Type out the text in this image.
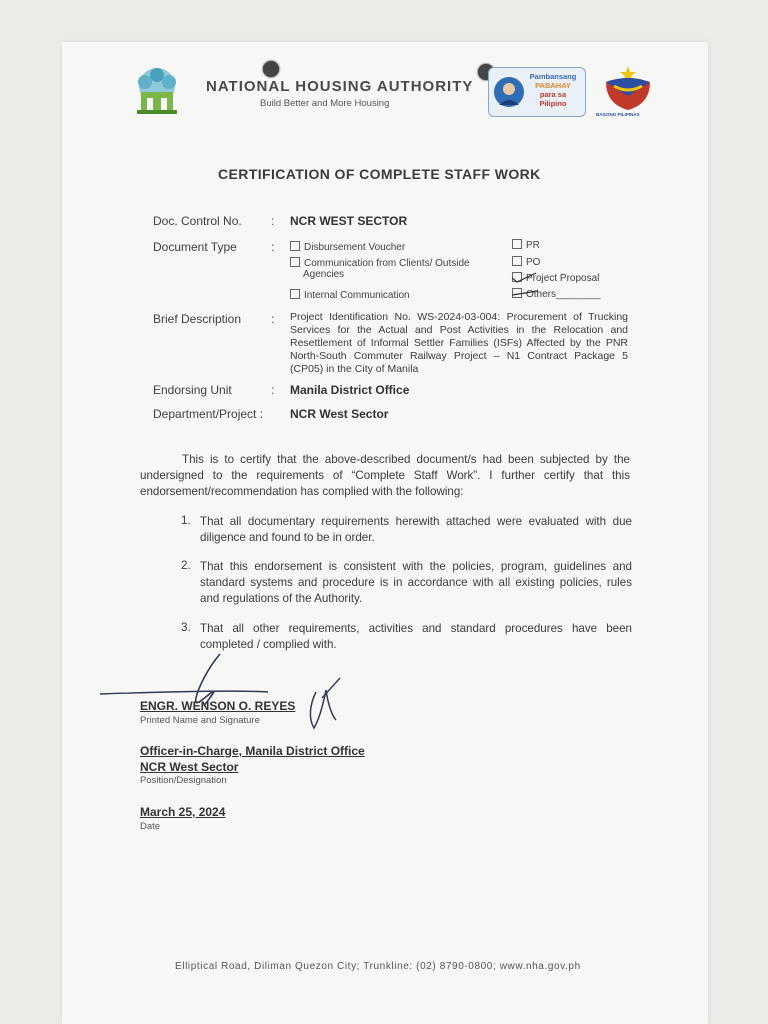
NATIONAL HOUSING AUTHORITY
Build Better and More Housing
Pambansang
PABAHAY
para sa
Pilipino
BAGONG PILIPINAS
CERTIFICATION OF COMPLETE STAFF WORK
Doc. Control No. : NCR WEST SECTOR
Document Type	:	Disbursement Voucher
Communication from Clients/ Outside
Agencies
Internal Communication
PR
PO
Project Proposal
Others________
Brief Description : Project Identification No. WS-2024-03-004: Procurement of Trucking Services for the Actual and Post Activities in the Relocation and Resettlement of Informal Settler Families (ISFs) Affected by the PNR North-South Commuter Railway Project – N1 Contract Package 5 (CP05) in the City of Manila
Endorsing Unit	: Manila District Office
Department/Project : NCR West Sector
This is to certify that the above-described document/s had been subjected by the undersigned to the requirements of “Complete Staff Work”. I further certify that this endorsement/recommendation has complied with the following:
1. That all documentary requirements herewith attached were evaluated with due diligence and found to be in order.
2. That this endorsement is consistent with the policies, program, guidelines and standard systems and procedure is in accordance with all existing policies, rules and regulations of the Authority.
3. That all other requirements, activities and standard procedures have been completed / complied with.
ENGR. WENSON O. REYES
Printed Name and Signature
Officer-in-Charge, Manila District Office
NCR West Sector
Position/Designation
March 25, 2024
Date
Elliptical Road, Diliman Quezon City; Trunkline: (02) 8790-0800; www.nha.gov.ph
